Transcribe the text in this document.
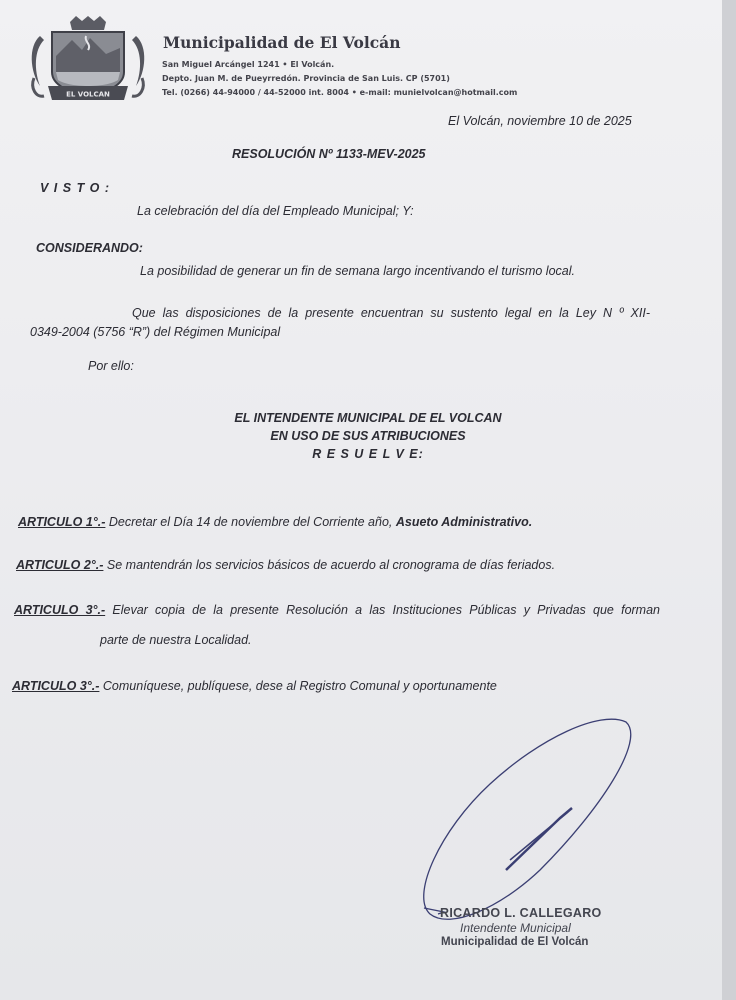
EL VOLCAN
Municipalidad de El Volcán
San Miguel Arcángel 1241 • El Volcán.
Depto. Juan M. de Pueyrredón. Provincia de San Luis. CP (5701)
Tel. (0266) 44-94000 / 44-52000 int. 8004 • e-mail: munielvolcan@hotmail.com
El Volcán, noviembre 10 de 2025
RESOLUCIÓN Nº 1133-MEV-2025
V I S T O :
La celebración del día del Empleado Municipal; Y:
CONSIDERANDO:
La posibilidad de generar un fin de semana largo incentivando el turismo local.
Que las disposiciones de la presente encuentran su sustento legal en la Ley N º XII-
0349-2004 (5756 “R”) del Régimen Municipal
Por ello:
EL INTENDENTE MUNICIPAL DE EL VOLCAN
EN USO DE SUS ATRIBUCIONES
R E S U E L V E:
ARTICULO 1°.- Decretar el Día 14 de noviembre del Corriente año, Asueto Administrativo.
ARTICULO 2°.- Se mantendrán los servicios básicos de acuerdo al cronograma de días feriados.
ARTICULO 3°.- Elevar copia de la presente Resolución a las Instituciones Públicas y Privadas que forman
parte de nuestra Localidad.
ARTICULO 3°.- Comuníquese, publíquese, dese al Registro Comunal y oportunamente
RICARDO L. CALLEGARO
Intendente Municipal
Municipalidad de El Volcán
